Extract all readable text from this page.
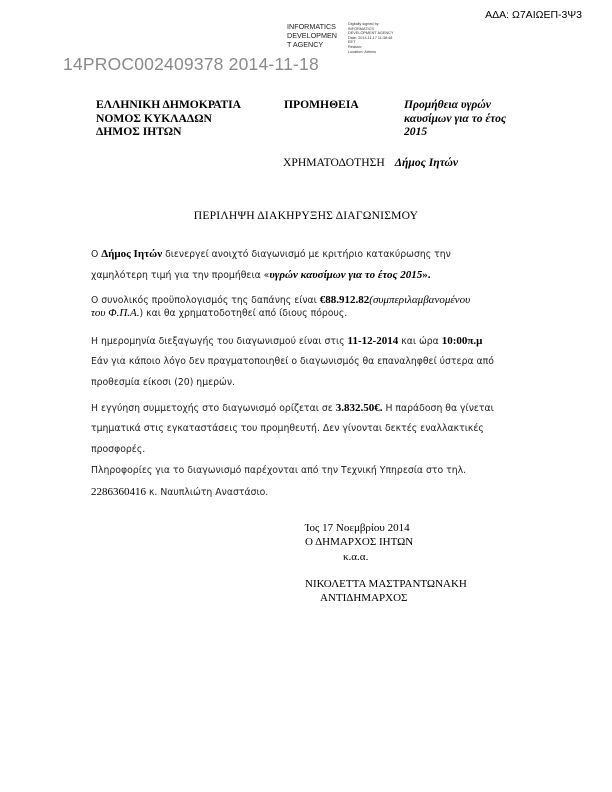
ΑΔΑ: Ω7ΑΙΩΕΠ-3Ψ3
INFORMATICS
DEVELOPMEN
T AGENCY
Digitally signed by
INFORMATICS
DEVELOPMENT AGENCY
Date: 2014.11.17 11:38:48
EET
Reason:
Location: Athens
14PROC002409378 2014-11-18
ΕΛΛΗΝΙΚΗ ΔΗΜΟΚΡΑΤΙΑ
ΝΟΜΟΣ ΚΥΚΛΑΔΩΝ
ΔΗΜΟΣ ΙΗΤΩΝ
ΠΡΟΜΗΘΕΙΑ	Προμήθεια υγρών
καυσίμων για το έτος
2015
ΧΡΗΜΑΤΟΔΟΤΗΣΗ Δήμος Ιητών
ΠΕΡΙΛΗΨΗ ΔΙΑΚΗΡΥΞΗΣ ΔΙΑΓΩΝΙΣΜΟΥ
Ο Δήμος Ιητών διενεργεί ανοιχτό διαγωνισμό με κριτήριο κατακύρωσης την
χαμηλότερη τιμή για την προμήθεια «υγρών καυσίμων για το έτος 2015».
Ο συνολικός προϋπολογισμός της δαπάνης είναι €88.912.82(συμπεριλαμβανομένου
του Φ.Π.Α.) και θα χρηματοδοτηθεί από ίδιους πόρους.
Η ημερομηνία διεξαγωγής του διαγωνισμού είναι στις 11-12-2014 και ώρα 10:00π.μ
Εάν για κάποιο λόγο δεν πραγματοποιηθεί ο διαγωνισμός θα επαναληφθεί ύστερα από
προθεσμία είκοσι (20) ημερών.
Η εγγύηση συμμετοχής στο διαγωνισμό ορίζεται σε 3.832.50€. Η παράδοση θα γίνεται
τμηματικά στις εγκαταστάσεις του προμηθευτή. Δεν γίνονται δεκτές εναλλακτικές
προσφορές.
Πληροφορίες για το διαγωνισμό παρέχονται από την Τεχνική Υπηρεσία στο τηλ.
2286360416 κ. Ναυπλιώτη Αναστάσιο.
Ίος 17 Νοεμβρίου 2014
Ο ΔΗΜΑΡΧΟΣ ΙΗΤΩΝ
κ.α.α.
ΝΙΚΟΛΕΤΤΑ ΜΑΣΤΡΑΝΤΩΝΑΚΗ
ΑΝΤΙΔΗΜΑΡΧΟΣ
